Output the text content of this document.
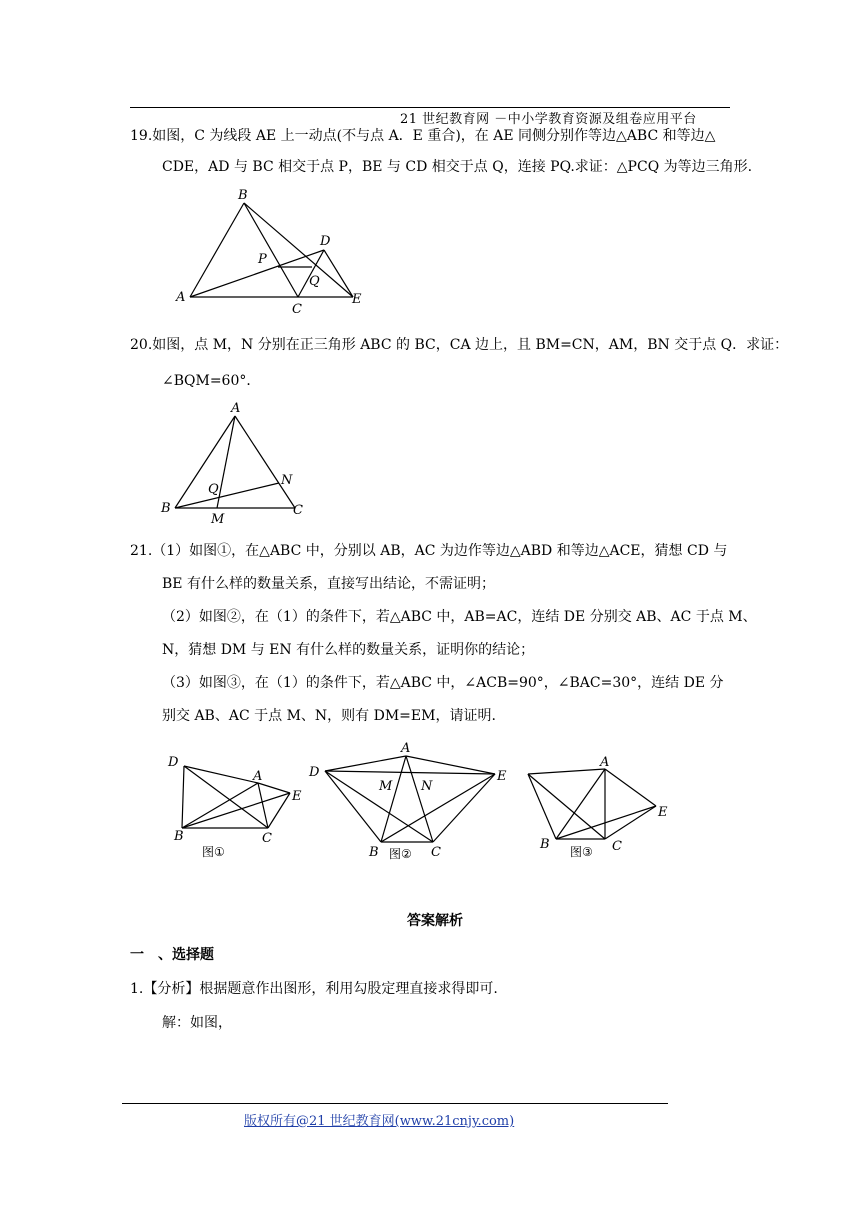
21 世纪教育网 －中小学教育资源及组卷应用平台
19.如图，C 为线段 AE 上一动点(不与点 A．E 重合)，在 AE 同侧分别作等边△ABC 和等边△
CDE，AD 与 BC 相交于点 P，BE 与 CD 相交于点 Q，连接 PQ.求证：△PCQ 为等边三角形.
B
D
P
Q
A
C
E
20.如图，点 M，N 分别在正三角形 ABC 的 BC，CA 边上，且 BM=CN，AM，BN 交于点 Q．求证：
∠BQM=60°．
A
Q
N
B	C
M
21.（1）如图①，在△ABC 中，分别以 AB，AC 为边作等边△ABD 和等边△ACE，猜想 CD 与
BE 有什么样的数量关系，直接写出结论，不需证明；
（2）如图②，在（1）的条件下，若△ABC 中，AB=AC，连结 DE 分别交 AB、AC 于点 M、
N，猜想 DM 与 EN 有什么样的数量关系，证明你的结论；
（3）如图③，在（1）的条件下，若△ABC 中，∠ACB=90°，∠BAC=30°，连结 DE 分
别交 AB、AC 于点 M、N，则有 DM=EM，请证明.
D
A
E
B	C
图①
A
D	E
M N
B	C
图②
A
E
B	C
图③
答案解析
一　、选择题
1.【分析】根据题意作出图形，利用勾股定理直接求得即可.
解：如图，
版权所有@21 世纪教育网(www.21cnjy.com)
